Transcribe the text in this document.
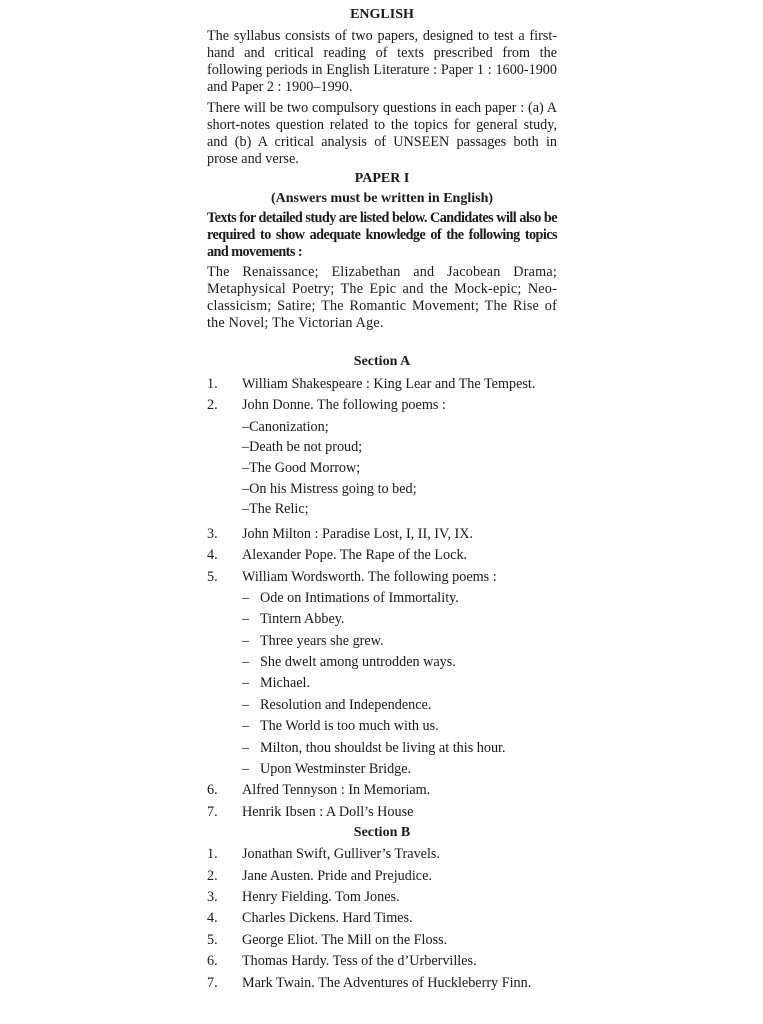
ENGLISH
The syllabus consists of two papers, designed to test a first-hand and critical reading of texts prescribed from the following periods in English Literature : Paper 1 : 1600-1900 and Paper 2 : 1900–1990.
There will be two compulsory questions in each paper : (a) A short-notes question related to the topics for general study, and (b) A critical analysis of UNSEEN passages both in prose and verse.
PAPER I
(Answers must be written in English)
Texts for detailed study are listed below. Candidates will also be required to show adequate knowledge of the following topics and movements :
The Renaissance; Elizabethan and Jacobean Drama; Metaphysical Poetry; The Epic and the Mock-epic; Neo-classicism; Satire; The Romantic Movement; The Rise of the Novel; The Victorian Age.
Section A
1.	William Shakespeare : King Lear and The Tempest.
2.	John Donne. The following poems :
–Canonization;
–Death be not proud;
–The Good Morrow;
–On his Mistress going to bed;
–The Relic;
3.	John Milton : Paradise Lost, I, II, IV, IX.
4.	Alexander Pope. The Rape of the Lock.
5.	William Wordsworth. The following poems :
– Ode on Intimations of Immortality.
– Tintern Abbey.
– Three years she grew.
– She dwelt among untrodden ways.
– Michael.
– Resolution and Independence.
– The World is too much with us.
– Milton, thou shouldst be living at this hour.
– Upon Westminster Bridge.
6.	Alfred Tennyson : In Memoriam.
7.	Henrik Ibsen : A Doll’s House
Section B
1.	Jonathan Swift, Gulliver’s Travels.
2.	Jane Austen. Pride and Prejudice.
3.	Henry Fielding. Tom Jones.
4.	Charles Dickens. Hard Times.
5.	George Eliot. The Mill on the Floss.
6.	Thomas Hardy. Tess of the d’Urbervilles.
7.	Mark Twain. The Adventures of Huckleberry Finn.
